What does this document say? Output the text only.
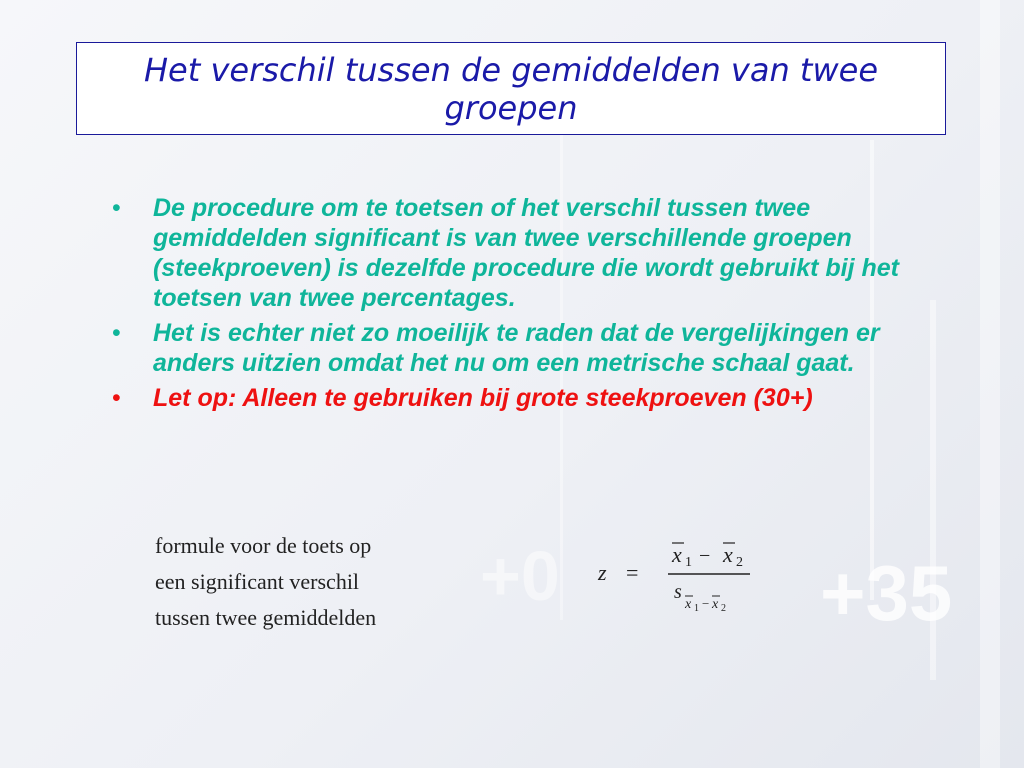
+35
+0
Het verschil tussen de gemiddelden van twee groepen
• De procedure om te toetsen of het verschil tussen twee gemiddelden significant is van twee verschillende groepen (steekproeven) is dezelfde procedure die wordt gebruikt bij het toetsen van twee percentages.
• Het is echter niet zo moeilijk te raden dat de vergelijkingen er anders uitzien omdat het nu om een metrische schaal gaat.
• Let op: Alleen te gebruiken bij grote steekproeven (30+)
formule voor de toets op
een significant verschil
tussen twee gemiddelden
z =
x 1 − x 2
s
x 1 − x 2
